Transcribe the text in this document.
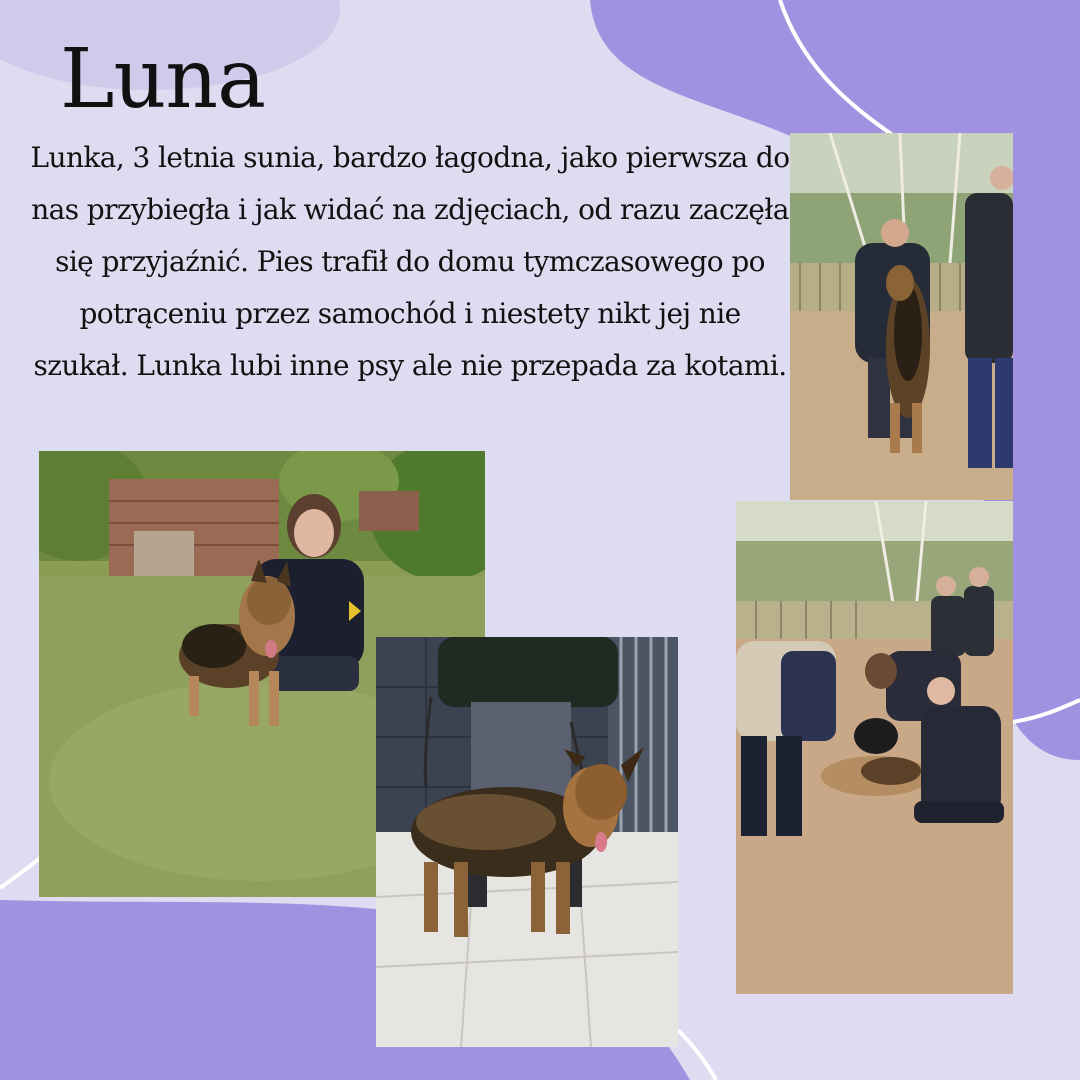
Luna

Lunka, 3 letnia sunia, bardzo łagodna, jako pierwsza do nas przybiegła i jak widać na zdjęciach, od razu zaczęła się przyjaźnić. Pies trafił do domu tymczasowego po potrąceniu przez samochód i niestety nikt jej nie szukał. Lunka lubi inne psy ale nie przepada za kotami.
